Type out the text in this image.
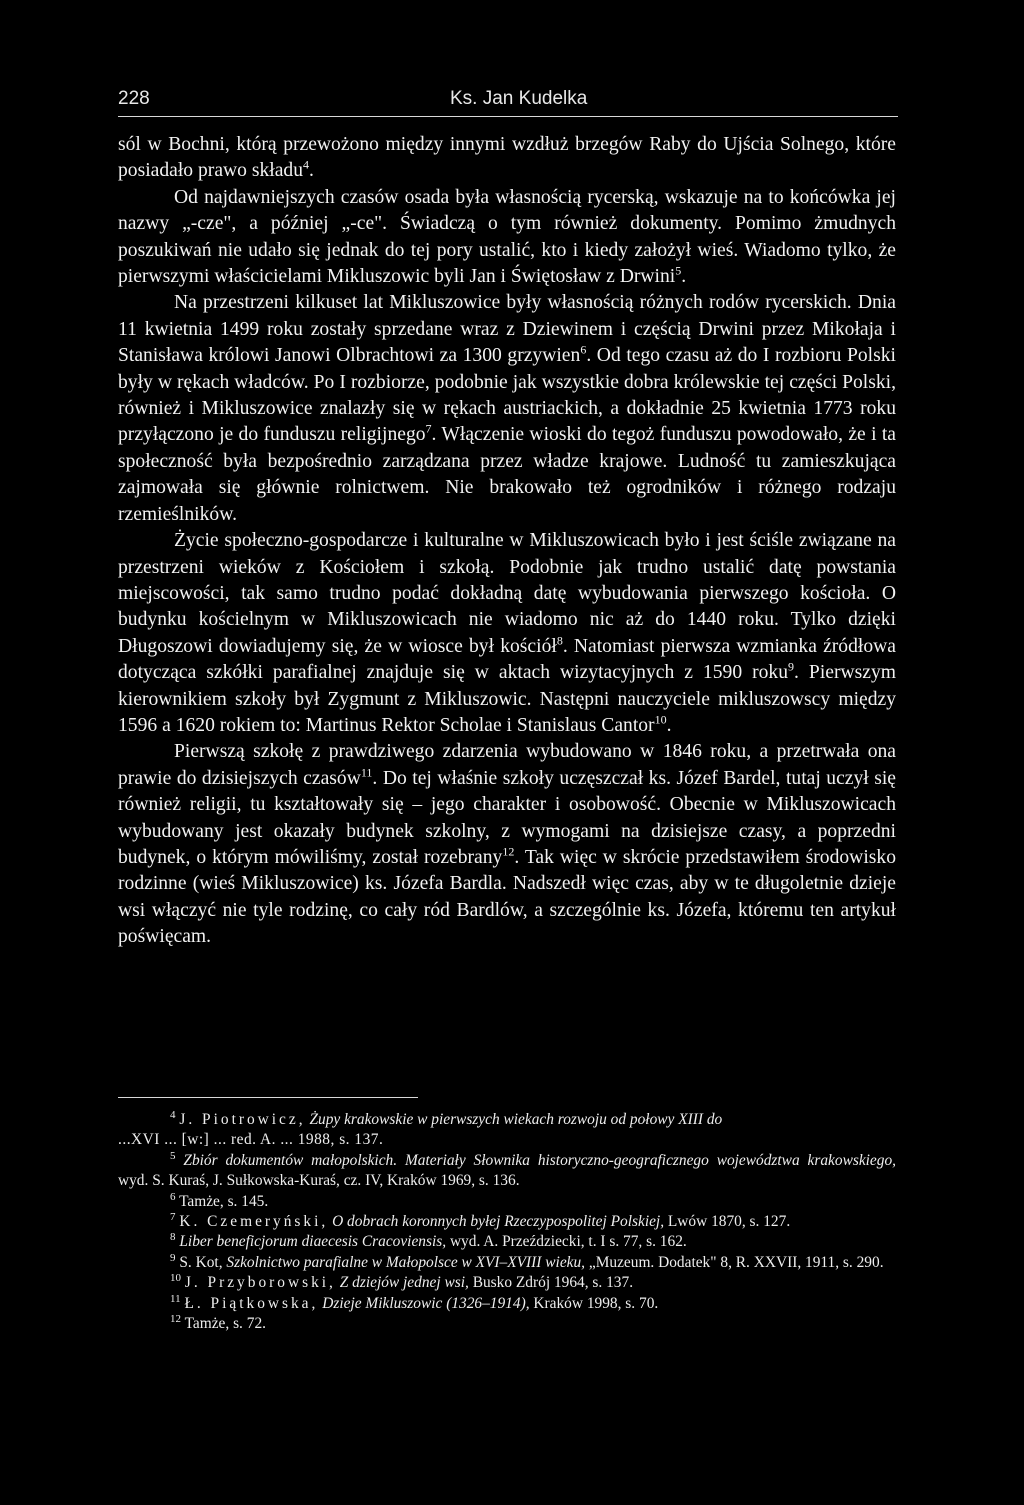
228	Ks. Jan Kudelka

sól w Bochni, którą przewożono między innymi wzdłuż brzegów Raby do Ujścia Solnego, które posiadało prawo składu$^4$.

Od najdawniejszych czasów osada była własnością rycerską, wskazuje na to końcówka jej nazwy „-cze", a później „-ce". Świadczą o tym również dokumenty. Pomimo żmudnych poszukiwań nie udało się jednak do tej pory ustalić, kto i kiedy założył wieś. Wiadomo tylko, że pierwszymi właścicielami Mikluszowic byli Jan i Świętosław z Drwini$^5$.

Na przestrzeni kilkuset lat Mikluszowice były własnością różnych rodów rycerskich. Dnia 11 kwietnia 1499 roku zostały sprzedane wraz z Dziewinem i częścią Drwini przez Mikołaja i Stanisława królowi Janowi Olbrachtowi za 1300 grzywien$^6$. Od tego czasu aż do I rozbioru Polski były w rękach władców. Po I rozbiorze, podobnie jak wszystkie dobra królewskie tej części Polski, również i Mikluszowice znalazły się w rękach austriackich, a dokładnie 25 kwietnia 1773 roku przyłączono je do funduszu religijnego$^7$. Włączenie wioski do tegoż funduszu powodowało, że i ta społeczność była bezpośrednio zarządzana przez władze krajowe. Ludność tu zamieszkująca zajmowała się głównie rolnictwem. Nie brakowało też ogrodników i różnego rodzaju rzemieślników.

Życie społeczno-gospodarcze i kulturalne w Mikluszowicach było i jest ściśle związane na przestrzeni wieków z Kościołem i szkołą. Podobnie jak trudno ustalić datę powstania miejscowości, tak samo trudno podać dokładną datę wybudowania pierwszego kościoła. O budynku kościelnym w Mikluszowicach nie wiadomo nic aż do 1440 roku. Tylko dzięki Długoszowi dowiadujemy się, że w wiosce był kościół$^8$. Natomiast pierwsza wzmianka źródłowa dotycząca szkółki parafialnej znajduje się w aktach wizytacyjnych z 1590 roku$^9$. Pierwszym kierownikiem szkoły był Zygmunt z Mikluszowic. Następni nauczyciele mikluszowscy między 1596 a 1620 rokiem to: Martinus Rektor Scholae i Stanislaus Cantor$^{10}$.

Pierwszą szkołę z prawdziwego zdarzenia wybudowano w 1846 roku, a przetrwała ona prawie do dzisiejszych czasów$^{11}$. Do tej właśnie szkoły uczęszczał ks. Józef Bardel, tutaj uczył się również religii, tu kształtowały się – jego charakter i osobowość. Obecnie w Mikluszowicach wybudowany jest okazały budynek szkolny, z wymogami na dzisiejsze czasy, a poprzedni budynek, o którym mówiliśmy, został rozebrany$^{12}$. Tak więc w skrócie przedstawiłem środowisko rodzinne (wieś Mikluszowice) ks. Józefa Bardla. Nadszedł więc czas, aby w te długoletnie dzieje wsi włączyć nie tyle rodzinę, co cały ród Bardlów, a szczególnie ks. Józefa, któremu ten artykuł poświęcam.

$^4$ J. Piotrowicz, Żupy krakowskie w pierwszych wiekach rozwoju od połowy XIII do

...XVI ... [w:] ... red. A. ... 1988, s. 137.

$^5$ Zbiór dokumentów małopolskich. Materiały Słownika historyczno-geograficznego województwa krakowskiego, wyd. S. Kuraś, J. Sułkowska-Kuraś, cz. IV, Kraków 1969, s. 136.

$^6$ Tamże, s. 145.

$^7$ K. Czemeryński, O dobrach koronnych byłej Rzeczypospolitej Polskiej, Lwów 1870, s. 127.

$^8$ Liber beneficjorum diaecesis Cracoviensis, wyd. A. Przeździecki, t. I s. 77, s. 162.

$^9$ S. Kot, Szkolnictwo parafialne w Małopolsce w XVI–XVIII wieku, „Muzeum. Dodatek" 8, R. XXVII, 1911, s. 290.

$^{10}$ J. Przyborowski, Z dziejów jednej wsi, Busko Zdrój 1964, s. 137.

$^{11}$ Ł. Piątkowska, Dzieje Mikluszowic (1326–1914), Kraków 1998, s. 70.

$^{12}$ Tamże, s. 72.
